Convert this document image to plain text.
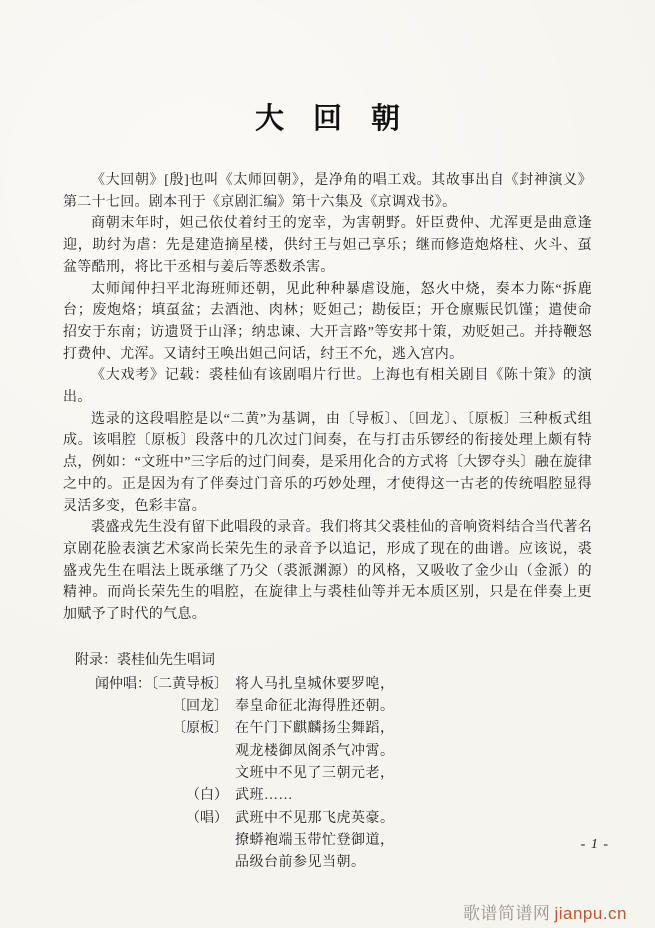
大　回　朝

《大回朝》[殷]也叫《太师回朝》，是净角的唱工戏。其故事出自《封神演义》第二十七回。剧本刊于《京剧汇编》第十六集及《京调戏书》。

商朝末年时，妲己依仗着纣王的宠幸，为害朝野。奸臣费仲、尤浑更是曲意逢迎，助纣为虐：先是建造摘星楼，供纣王与妲己享乐；继而修造炮烙柱、火斗、虿盆等酷刑，将比干丞相与姜后等悉数杀害。

太师闻仲扫平北海班师还朝，见此种种暴虐设施，怒火中烧，奏本力陈“拆鹿台；废炮烙；填虿盆；去酒池、肉林；贬妲己；勘佞臣；开仓廪赈民饥馑；遣使命招安于东南；访遗贤于山泽；纳忠谏、大开言路”等安邦十策，劝贬妲己。并持鞭怒打费仲、尤浑。又请纣王唤出妲己问话，纣王不允，逃入宫内。

《大戏考》记载：裘桂仙有该剧唱片行世。上海也有相关剧目《陈十策》的演出。

选录的这段唱腔是以“二黄”为基调，由〔导板〕、〔回龙〕、〔原板〕三种板式组成。该唱腔〔原板〕段落中的几次过门间奏，在与打击乐锣经的衔接处理上颇有特点，例如：“文班中”三字后的过门间奏，是采用化合的方式将〔大锣夺头〕融在旋律之中的。正是因为有了伴奏过门音乐的巧妙处理，才使得这一古老的传统唱腔显得灵活多变，色彩丰富。

裘盛戎先生没有留下此唱段的录音。我们将其父裘桂仙的音响资料结合当代著名京剧花脸表演艺术家尚长荣先生的录音予以追记，形成了现在的曲谱。应该说，裘盛戎先生在唱法上既承继了乃父（裘派渊源）的风格，又吸收了金少山（金派）的精神。而尚长荣先生的唱腔，在旋律上与裘桂仙等并无本质区别，只是在伴奏上更加赋予了时代的气息。

附录：裘桂仙先生唱词

闻仲唱：〔二黄导板〕 将人马扎皇城休要罗唣，
〔回龙〕 奉皇命征北海得胜还朝。
〔原板〕 在午门下麒麟扬尘舞蹈，
观龙楼御凤阁杀气冲霄。
文班中不见了三朝元老，
（白） 武班……
（唱） 武班中不见那飞虎英豪。
撩蟒袍端玉带忙登御道，
品级台前参见当朝。
- 1 -
歌谱简谱网 jianpu.cn
